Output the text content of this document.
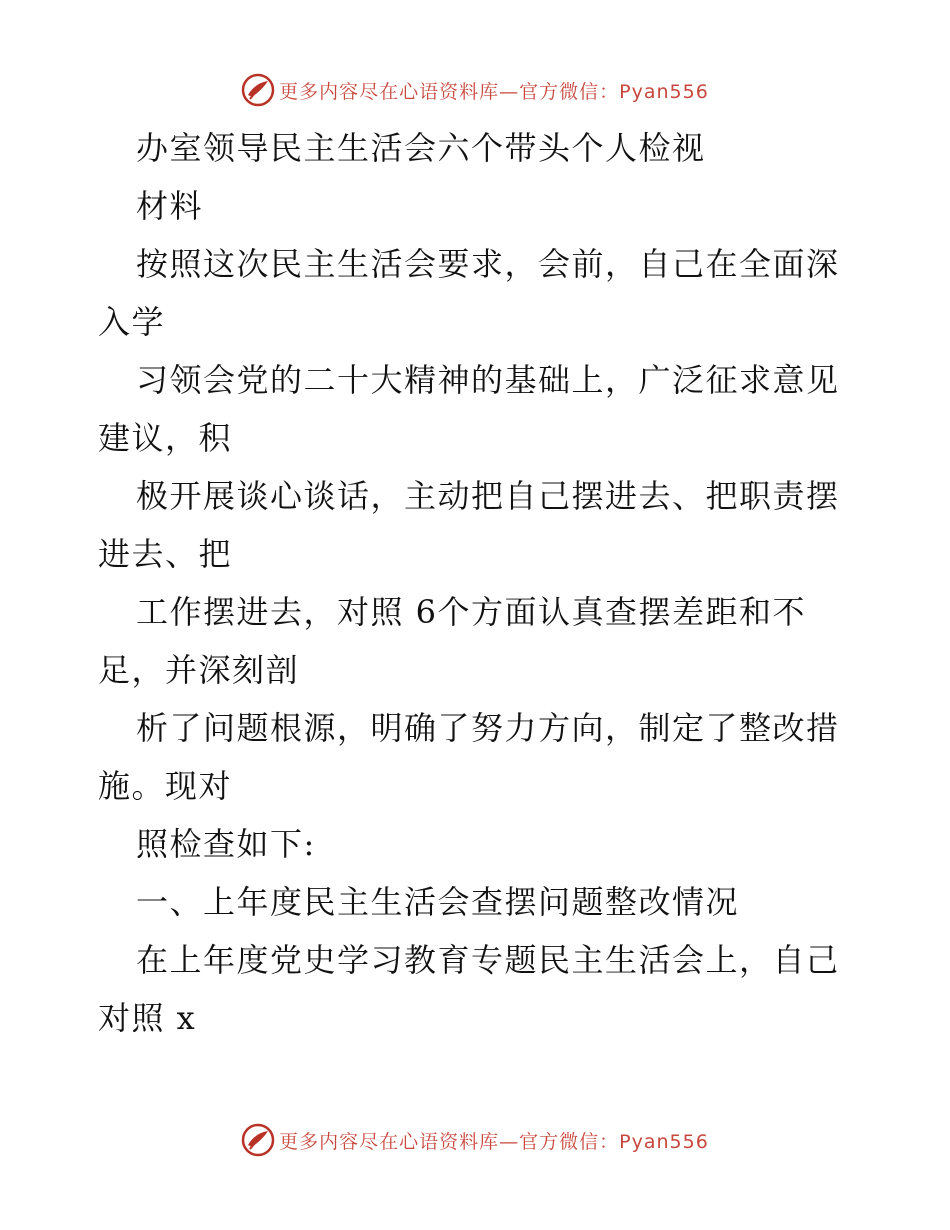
更多内容尽在心语资料库—官方微信：Pyan556
办室领导民主生活会六个带头个人检视
材料
按照这次民主生活会要求，会前，自己在全面深
入学
习领会党的二十大精神的基础上，广泛征求意见
建议，积
极开展谈心谈话，主动把自己摆进去、把职责摆
进去、把
工作摆进去，对照 6个方面认真查摆差距和不
足，并深刻剖
析了问题根源，明确了努力方向，制定了整改措
施。现对
照检查如下:
一、上年度民主生活会查摆问题整改情况
在上年度党史学习教育专题民主生活会上，自己
对照 x
更多内容尽在心语资料库—官方微信：Pyan556
